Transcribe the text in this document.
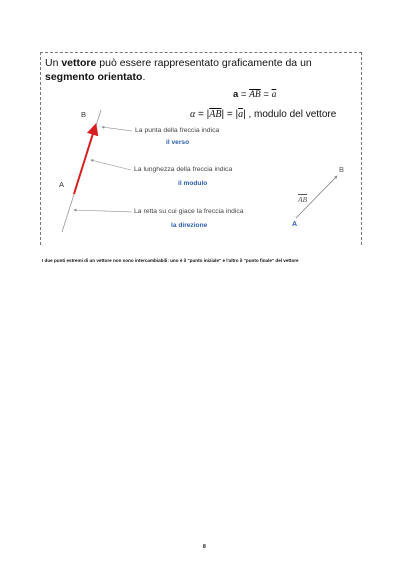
Un vettore può essere rappresentato graficamente da un segmento orientato.
$a = \overline{AB} = \overline{a}$
$\alpha = |\overline{AB}| = |\overline{a}|$ , modulo del vettore
B
A
La punta della freccia indica
il verso
La lunghezza della freccia indica
il modulo
La retta su cui giace la freccia indica
la direzione
B
$\overline{AB}$
A
I due punti estremi di un vettore non sono intercambiabili: uno è il "punto iniziale" e l'altro il "punto finale" del vettore
8
